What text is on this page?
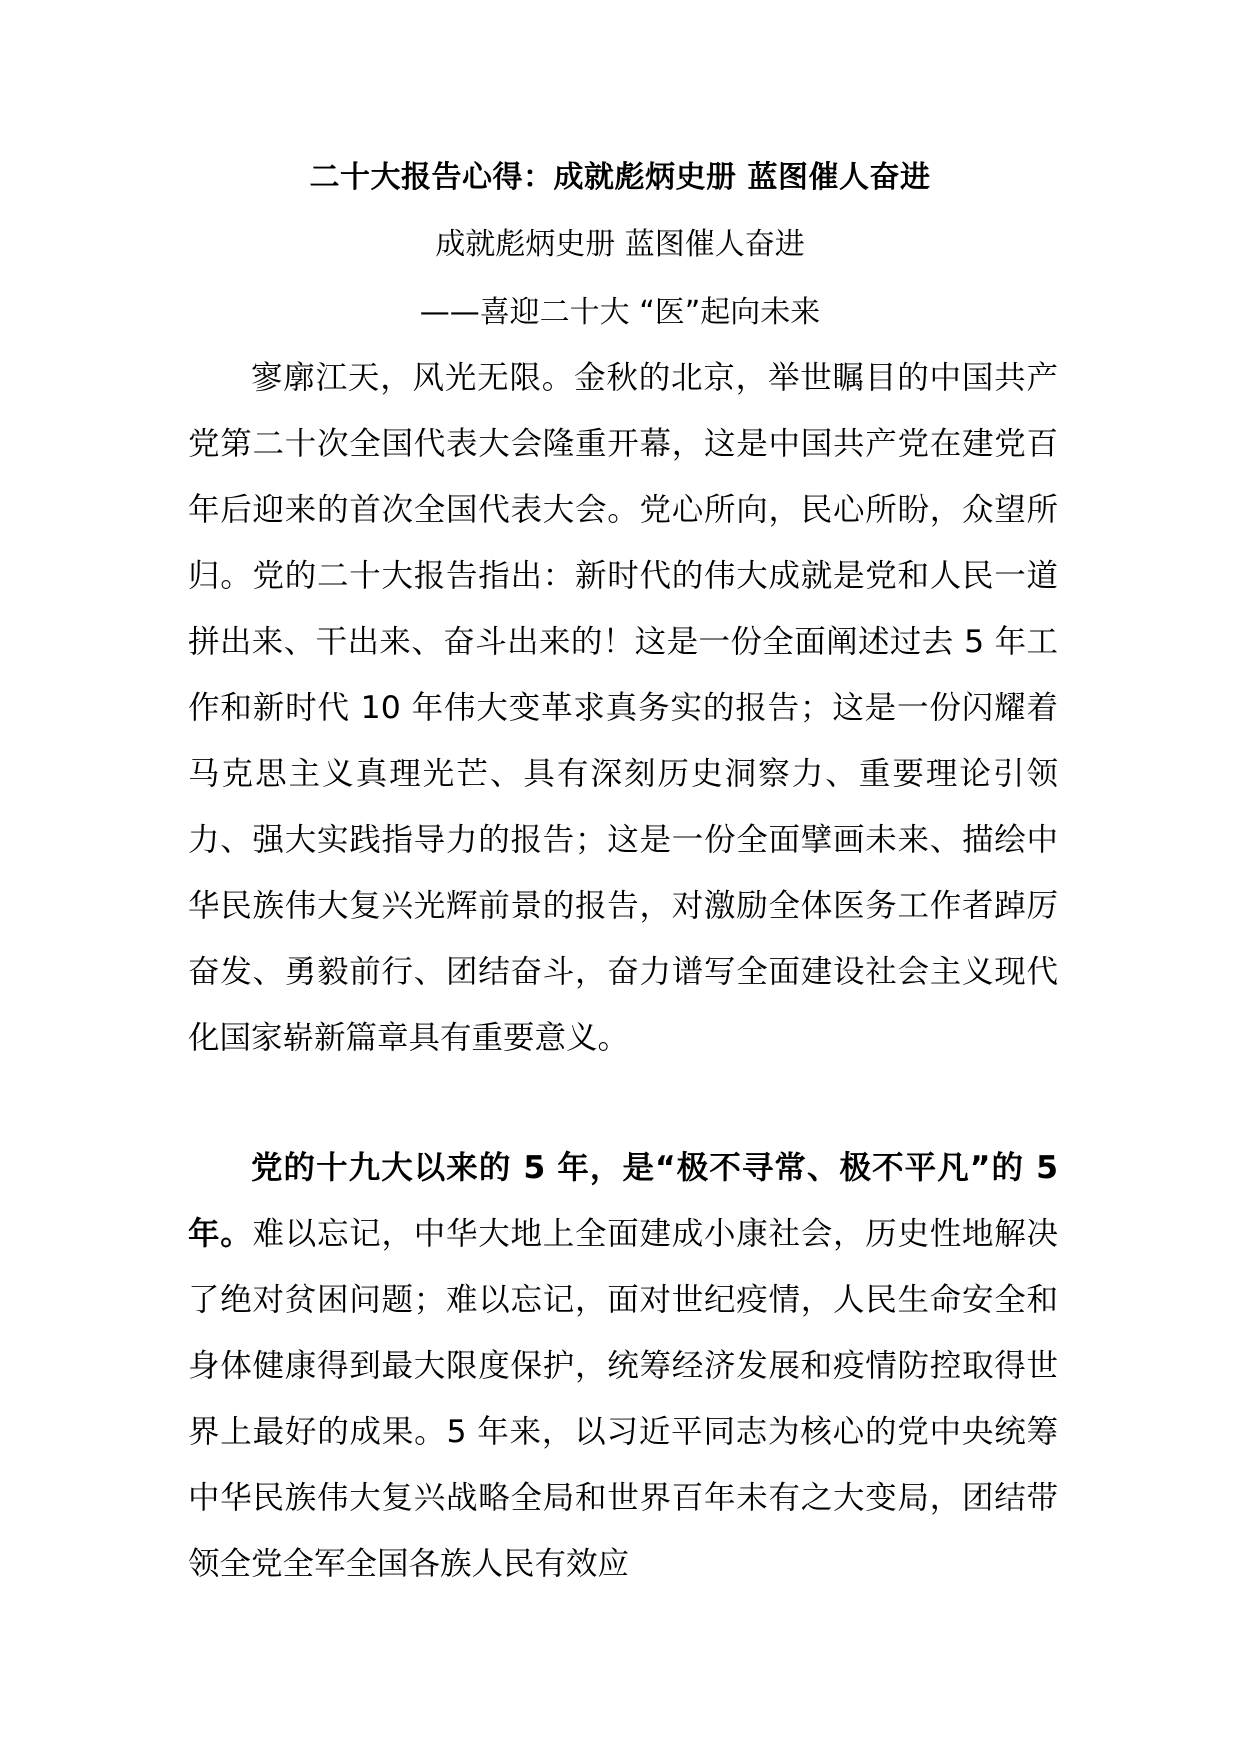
二十大报告心得：成就彪炳史册 蓝图催人奋进
成就彪炳史册 蓝图催人奋进
——喜迎二十大 “医”起向未来

寥廓江天，风光无限。金秋的北京，举世瞩目的中国共产党第二十次全国代表大会隆重开幕，这是中国共产党在建党百年后迎来的首次全国代表大会。党心所向，民心所盼，众望所归。党的二十大报告指出：新时代的伟大成就是党和人民一道拼出来、干出来、奋斗出来的！这是一份全面阐述过去 5 年工作和新时代 10 年伟大变革求真务实的报告；这是一份闪耀着马克思主义真理光芒、具有深刻历史洞察力、重要理论引领力、强大实践指导力的报告；这是一份全面擘画未来、描绘中华民族伟大复兴光辉前景的报告，对激励全体医务工作者踔厉奋发、勇毅前行、团结奋斗，奋力谱写全面建设社会主义现代化国家崭新篇章具有重要意义。

党的十九大以来的 5 年，是“极不寻常、极不平凡”的 5 年。难以忘记，中华大地上全面建成小康社会，历史性地解决了绝对贫困问题；难以忘记，面对世纪疫情，人民生命安全和身体健康得到最大限度保护，统筹经济发展和疫情防控取得世界上最好的成果。5 年来，以习近平同志为核心的党中央统筹中华民族伟大复兴战略全局和世界百年未有之大变局，团结带领全党全军全国各族人民有效应
